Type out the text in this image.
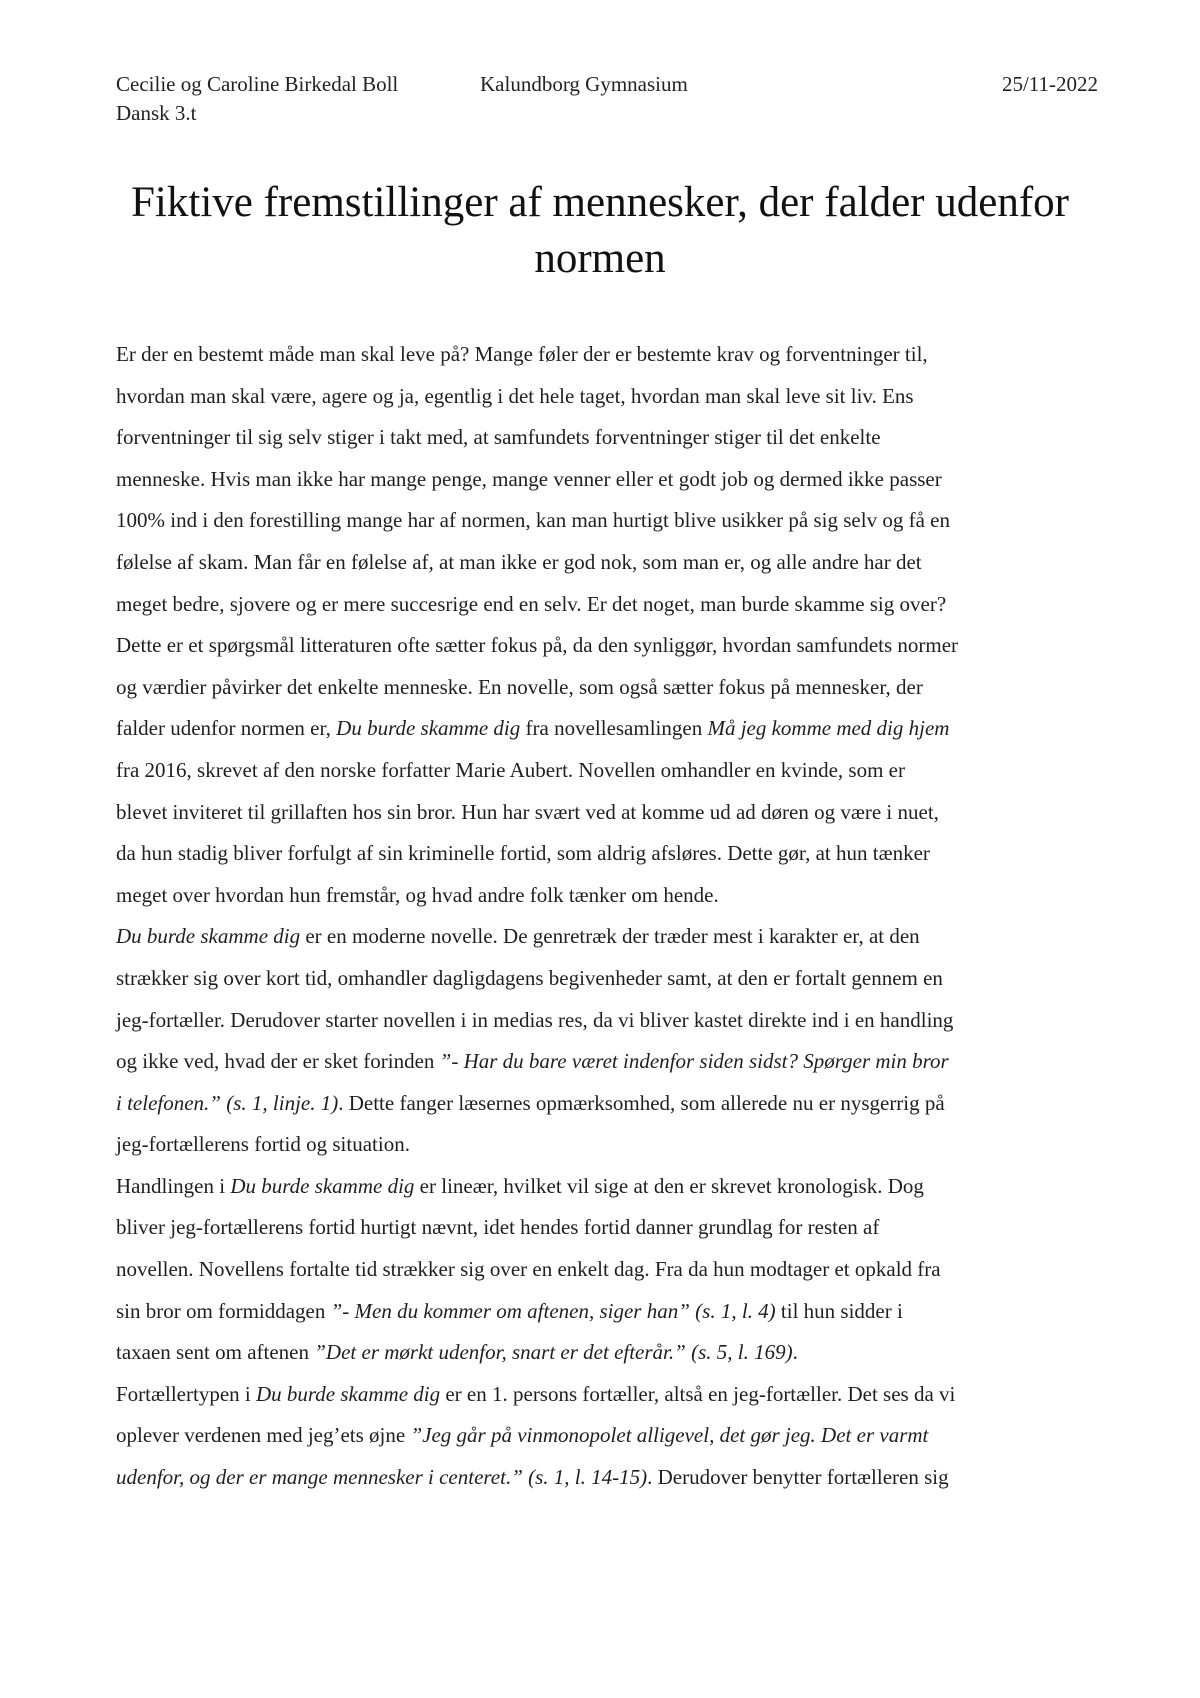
Cecilie og Caroline Birkedal Boll	Kalundborg Gymnasium	25/11-2022
Dansk 3.t
Fiktive fremstillinger af mennesker, der falder udenfor
normen

Er der en bestemt måde man skal leve på? Mange føler der er bestemte krav og forventninger til,
hvordan man skal være, agere og ja, egentlig i det hele taget, hvordan man skal leve sit liv. Ens
forventninger til sig selv stiger i takt med, at samfundets forventninger stiger til det enkelte
menneske. Hvis man ikke har mange penge, mange venner eller et godt job og dermed ikke passer
100% ind i den forestilling mange har af normen, kan man hurtigt blive usikker på sig selv og få en
følelse af skam. Man får en følelse af, at man ikke er god nok, som man er, og alle andre har det
meget bedre, sjovere og er mere succesrige end en selv. Er det noget, man burde skamme sig over?
Dette er et spørgsmål litteraturen ofte sætter fokus på, da den synliggør, hvordan samfundets normer
og værdier påvirker det enkelte menneske. En novelle, som også sætter fokus på mennesker, der
falder udenfor normen er, Du burde skamme dig fra novellesamlingen Må jeg komme med dig hjem
fra 2016, skrevet af den norske forfatter Marie Aubert. Novellen omhandler en kvinde, som er
blevet inviteret til grillaften hos sin bror. Hun har svært ved at komme ud ad døren og være i nuet,
da hun stadig bliver forfulgt af sin kriminelle fortid, som aldrig afsløres. Dette gør, at hun tænker
meget over hvordan hun fremstår, og hvad andre folk tænker om hende.

Du burde skamme dig er en moderne novelle. De genretræk der træder mest i karakter er, at den
strækker sig over kort tid, omhandler dagligdagens begivenheder samt, at den er fortalt gennem en
jeg-fortæller. Derudover starter novellen i in medias res, da vi bliver kastet direkte ind i en handling
og ikke ved, hvad der er sket forinden ”- Har du bare været indenfor siden sidst? Spørger min bror
i telefonen.” (s. 1, linje. 1). Dette fanger læsernes opmærksomhed, som allerede nu er nysgerrig på
jeg-fortællerens fortid og situation.

Handlingen i Du burde skamme dig er lineær, hvilket vil sige at den er skrevet kronologisk. Dog
bliver jeg-fortællerens fortid hurtigt nævnt, idet hendes fortid danner grundlag for resten af
novellen. Novellens fortalte tid strækker sig over en enkelt dag. Fra da hun modtager et opkald fra
sin bror om formiddagen ”- Men du kommer om aftenen, siger han” (s. 1, l. 4) til hun sidder i
taxaen sent om aftenen ”Det er mørkt udenfor, snart er det efterår.” (s. 5, l. 169).

Fortællertypen i Du burde skamme dig er en 1. persons fortæller, altså en jeg-fortæller. Det ses da vi
oplever verdenen med jeg’ets øjne ”Jeg går på vinmonopolet alligevel, det gør jeg. Det er varmt
udenfor, og der er mange mennesker i centeret.” (s. 1, l. 14-15). Derudover benytter fortælleren sig
